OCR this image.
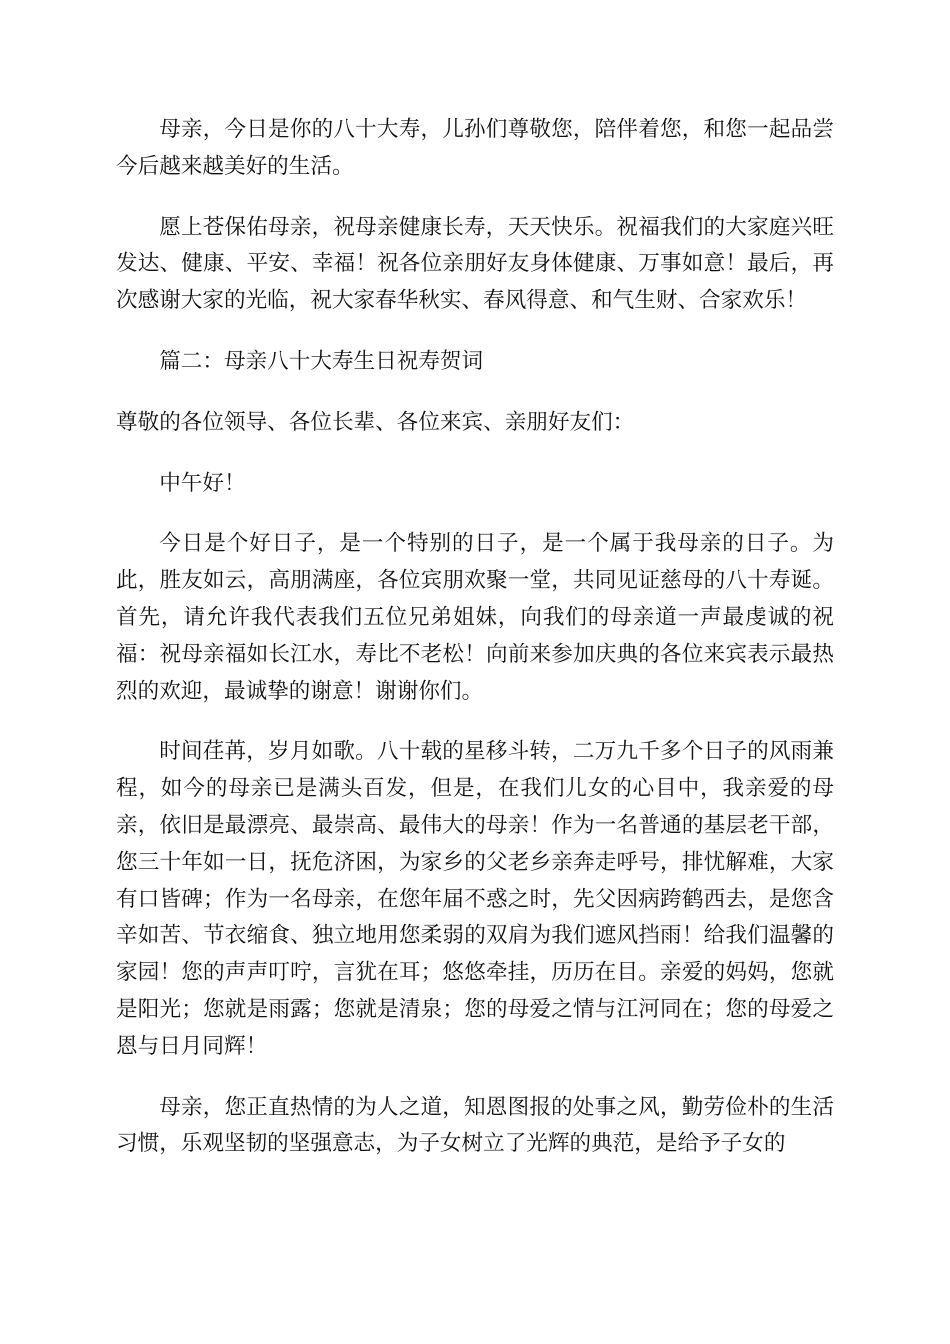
母亲，今日是你的八十大寿，儿孙们尊敬您，陪伴着您，和您一起品尝今后越来越美好的生活。

愿上苍保佑母亲，祝母亲健康长寿，天天快乐。祝福我们的大家庭兴旺发达、健康、平安、幸福！祝各位亲朋好友身体健康、万事如意！最后，再次感谢大家的光临，祝大家春华秋实、春风得意、和气生财、合家欢乐！

篇二：母亲八十大寿生日祝寿贺词

尊敬的各位领导、各位长辈、各位来宾、亲朋好友们：

中午好！

今日是个好日子，是一个特别的日子，是一个属于我母亲的日子。为此，胜友如云，高朋满座，各位宾朋欢聚一堂，共同见证慈母的八十寿诞。首先，请允许我代表我们五位兄弟姐妹，向我们的母亲道一声最虔诚的祝福：祝母亲福如长江水，寿比不老松！向前来参加庆典的各位来宾表示最热烈的欢迎，最诚挚的谢意！谢谢你们。

时间荏苒，岁月如歌。八十载的星移斗转，二万九千多个日子的风雨兼程，如今的母亲已是满头百发，但是，在我们儿女的心目中，我亲爱的母亲，依旧是最漂亮、最崇高、最伟大的母亲！作为一名普通的基层老干部，您三十年如一日，抚危济困，为家乡的父老乡亲奔走呼号，排忧解难，大家有口皆碑；作为一名母亲，在您年届不惑之时，先父因病跨鹤西去，是您含辛如苦、节衣缩食、独立地用您柔弱的双肩为我们遮风挡雨！给我们温馨的家园！您的声声叮咛，言犹在耳；悠悠牵挂，历历在目。亲爱的妈妈，您就是阳光；您就是雨露；您就是清泉；您的母爱之情与江河同在；您的母爱之恩与日月同辉！

母亲，您正直热情的为人之道，知恩图报的处事之风，勤劳俭朴的生活习惯，乐观坚韧的坚强意志，为子女树立了光辉的典范，是给予子女的
